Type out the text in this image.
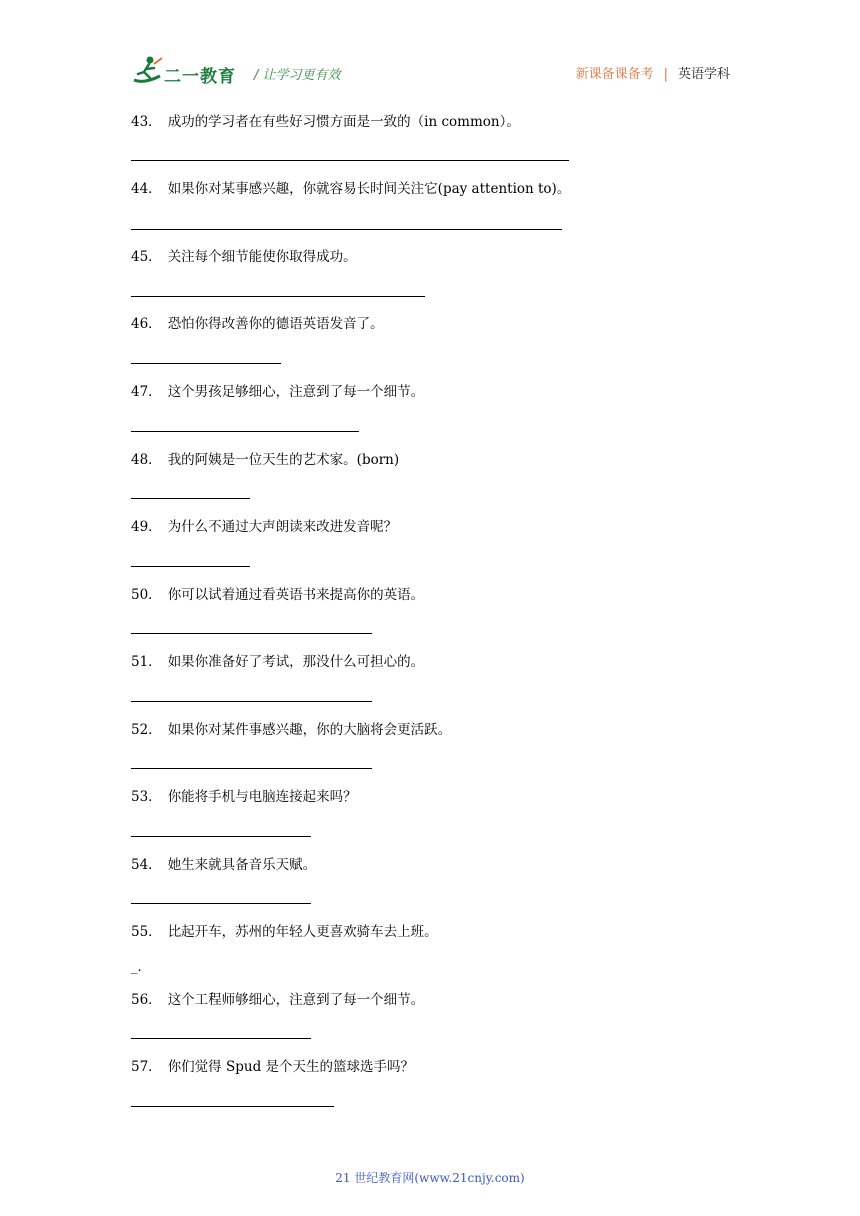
二一教育 / 让学习更有效	新课备课备考 | 英语学科
43． 成功的学习者在有些好习惯方面是一致的（in common）。
44． 如果你对某事感兴趣，你就容易长时间关注它(pay attention to)。
45． 关注每个细节能使你取得成功。
46． 恐怕你得改善你的德语英语发音了。
47． 这个男孩足够细心，注意到了每一个细节。
48． 我的阿姨是一位天生的艺术家。(born)
49． 为什么不通过大声朗读来改进发音呢？
50． 你可以试着通过看英语书来提高你的英语。
51． 如果你准备好了考试，那没什么可担心的。
52． 如果你对某件事感兴趣，你的大脑将会更活跃。
53． 你能将手机与电脑连接起来吗？
54． 她生来就具备音乐天赋。
55． 比起开车，苏州的年轻人更喜欢骑车去上班。
_.
56． 这个工程师够细心，注意到了每一个细节。
57． 你们觉得 Spud 是个天生的篮球选手吗？
21 世纪教育网(www.21cnjy.com)
